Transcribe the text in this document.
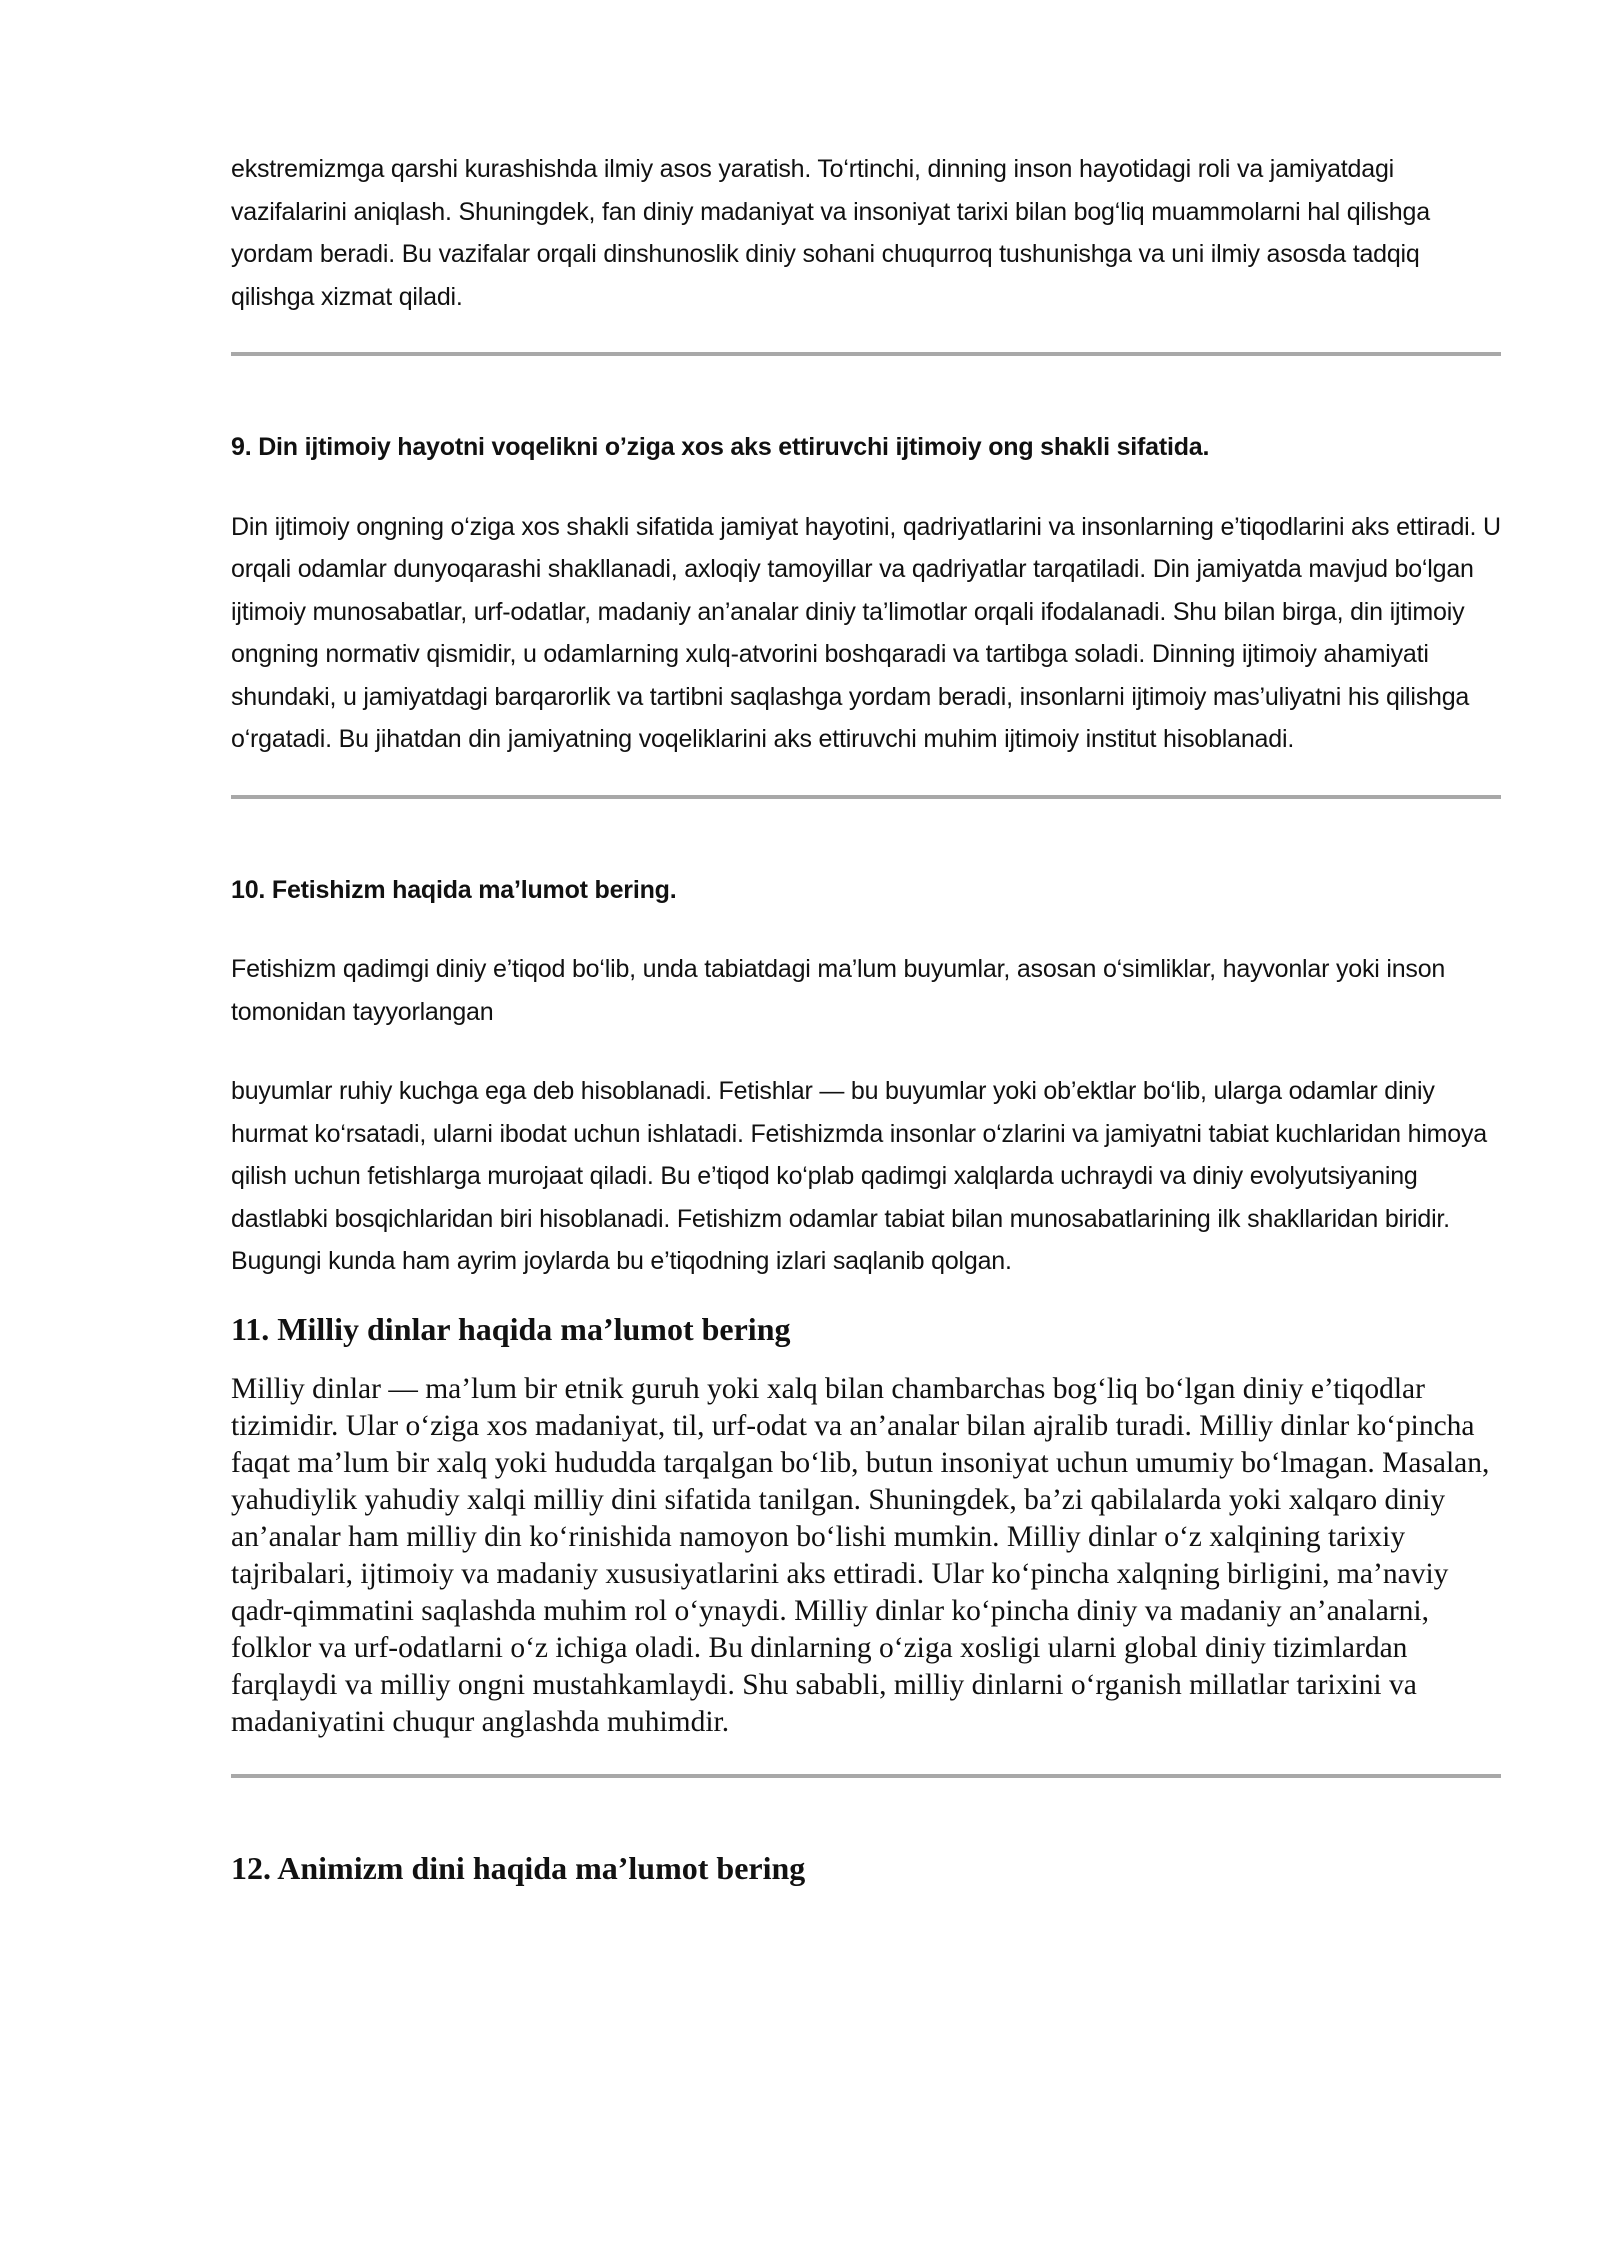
ekstremizmga qarshi kurashishda ilmiy asos yaratish. To‘rtinchi, dinning inson hayotidagi roli va jamiyatdagi vazifalarini aniqlash. Shuningdek, fan diniy madaniyat va insoniyat tarixi bilan bog‘liq muammolarni hal qilishga yordam beradi. Bu vazifalar orqali dinshunoslik diniy sohani chuqurroq tushunishga va uni ilmiy asosda tadqiq qilishga xizmat qiladi.

9. Din ijtimoiy hayotni voqelikni o’ziga xos aks ettiruvchi ijtimoiy ong shakli sifatida.

Din ijtimoiy ongning o‘ziga xos shakli sifatida jamiyat hayotini, qadriyatlarini va insonlarning e’tiqodlarini aks ettiradi. U orqali odamlar dunyoqarashi shakllanadi, axloqiy tamoyillar va qadriyatlar tarqatiladi. Din jamiyatda mavjud bo‘lgan ijtimoiy munosabatlar, urf-odatlar, madaniy an’analar diniy ta’limotlar orqali ifodalanadi. Shu bilan birga, din ijtimoiy ongning normativ qismidir, u odamlarning xulq-atvorini boshqaradi va tartibga soladi. Dinning ijtimoiy ahamiyati shundaki, u jamiyatdagi barqarorlik va tartibni saqlashga yordam beradi, insonlarni ijtimoiy mas’uliyatni his qilishga o‘rgatadi. Bu jihatdan din jamiyatning voqeliklarini aks ettiruvchi muhim ijtimoiy institut hisoblanadi.

10. Fetishizm haqida ma’lumot bering.

Fetishizm qadimgi diniy e’tiqod bo‘lib, unda tabiatdagi ma’lum buyumlar, asosan o‘simliklar, hayvonlar yoki inson tomonidan tayyorlangan

buyumlar ruhiy kuchga ega deb hisoblanadi. Fetishlar — bu buyumlar yoki ob’ektlar bo‘lib, ularga odamlar diniy hurmat ko‘rsatadi, ularni ibodat uchun ishlatadi. Fetishizmda insonlar o‘zlarini va jamiyatni tabiat kuchlaridan himoya qilish uchun fetishlarga murojaat qiladi. Bu e’tiqod ko‘plab qadimgi xalqlarda uchraydi va diniy evolyutsiyaning dastlabki bosqichlaridan biri hisoblanadi. Fetishizm odamlar tabiat bilan munosabatlarining ilk shakllaridan biridir. Bugungi kunda ham ayrim joylarda bu e’tiqodning izlari saqlanib qolgan.

11. Milliy dinlar haqida ma’lumot bering

Milliy dinlar — ma’lum bir etnik guruh yoki xalq bilan chambarchas bog‘liq bo‘lgan diniy e’tiqodlar tizimidir. Ular o‘ziga xos madaniyat, til, urf-odat va an’analar bilan ajralib turadi. Milliy dinlar ko‘pincha faqat ma’lum bir xalq yoki hududda tarqalgan bo‘lib, butun insoniyat uchun umumiy bo‘lmagan. Masalan, yahudiylik yahudiy xalqi milliy dini sifatida tanilgan. Shuningdek, ba’zi qabilalarda yoki xalqaro diniy an’analar ham milliy din ko‘rinishida namoyon bo‘lishi mumkin. Milliy dinlar o‘z xalqining tarixiy tajribalari, ijtimoiy va madaniy xususiyatlarini aks ettiradi. Ular ko‘pincha xalqning birligini, ma’naviy qadr-qimmatini saqlashda muhim rol o‘ynaydi. Milliy dinlar ko‘pincha diniy va madaniy an’analarni, folklor va urf-odatlarni o‘z ichiga oladi. Bu dinlarning o‘ziga xosligi ularni global diniy tizimlardan farqlaydi va milliy ongni mustahkamlaydi. Shu sababli, milliy dinlarni o‘rganish millatlar tarixini va madaniyatini chuqur anglashda muhimdir.

12. Animizm dini haqida ma’lumot bering
